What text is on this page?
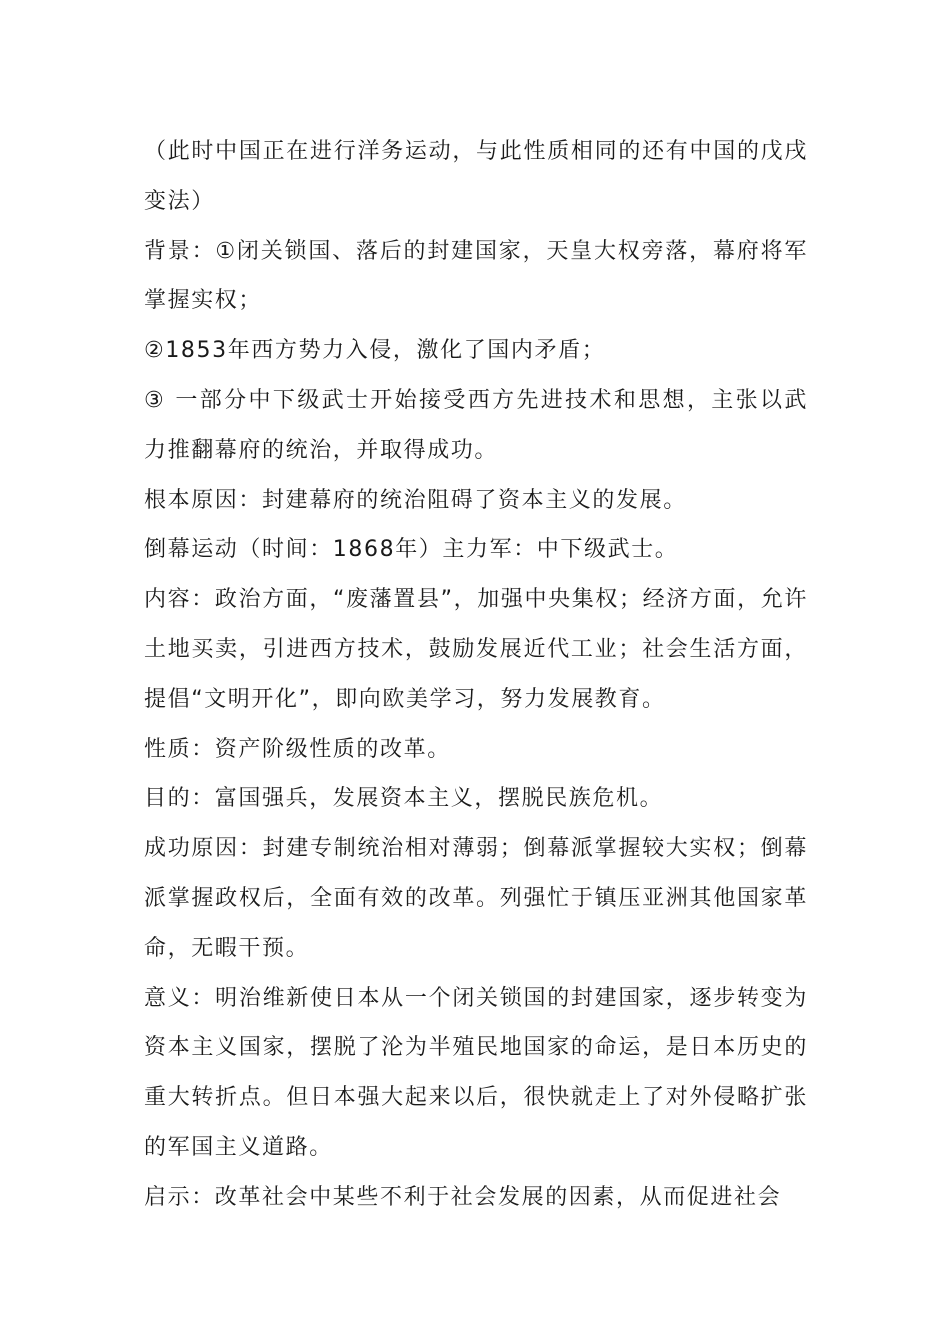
（此时中国正在进行洋务运动，与此性质相同的还有中国的戊戌变法）

背景：①闭关锁国、落后的封建国家，天皇大权旁落，幕府将军掌握实权；

②1853年西方势力入侵，激化了国内矛盾；

③ 一部分中下级武士开始接受西方先进技术和思想，主张以武力推翻幕府的统治，并取得成功。

根本原因：封建幕府的统治阻碍了资本主义的发展。

倒幕运动（时间：1868年）主力军：中下级武士。

内容：政治方面，“废藩置县”，加强中央集权；经济方面，允许土地买卖，引进西方技术，鼓励发展近代工业；社会生活方面，提倡“文明开化”，即向欧美学习，努力发展教育。

性质：资产阶级性质的改革。

目的：富国强兵，发展资本主义，摆脱民族危机。

成功原因：封建专制统治相对薄弱；倒幕派掌握较大实权；倒幕派掌握政权后，全面有效的改革。列强忙于镇压亚洲其他国家革命，无暇干预。

意义：明治维新使日本从一个闭关锁国的封建国家，逐步转变为资本主义国家，摆脱了沦为半殖民地国家的命运，是日本历史的重大转折点。但日本强大起来以后，很快就走上了对外侵略扩张的军国主义道路。

启示：改革社会中某些不利于社会发展的因素，从而促进社会
